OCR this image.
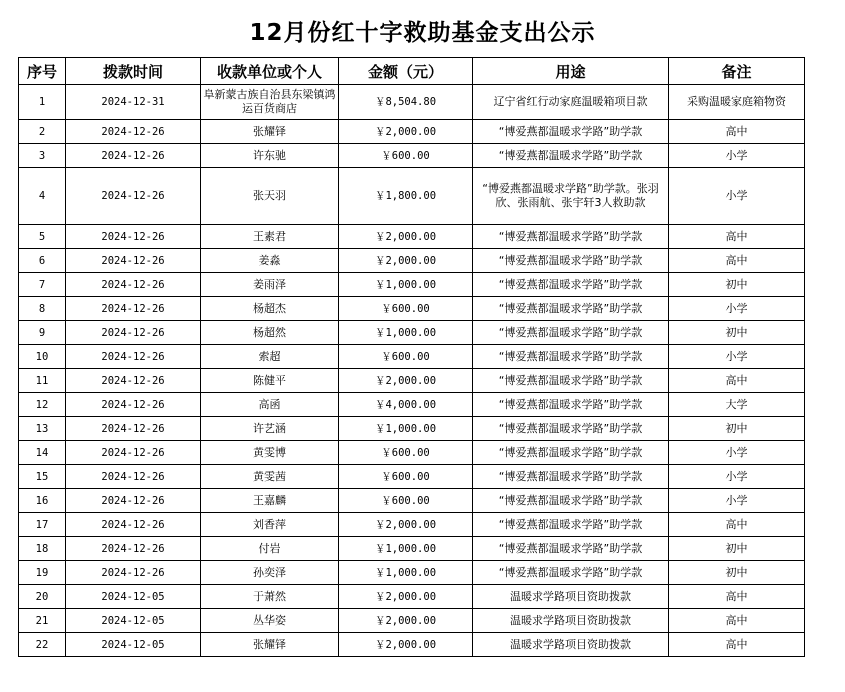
12月份红十字救助基金支出公示
序号	拨款时间	收款单位或个人	金额（元）	用途	备注
1	2024-12-31	阜新蒙古族自治县东梁镇鸿运百货商店	￥8,504.80	辽宁省红行动家庭温暖箱项目款	采购温暖家庭箱物资
2	2024-12-26	张耀铎	￥2,000.00	“博爱燕都温暖求学路”助学款	高中
3	2024-12-26	许东驰	￥600.00	“博爱燕都温暖求学路”助学款	小学
4	2024-12-26	张天羽	￥1,800.00	“博爱燕都温暖求学路”助学款。张羽欣、张雨航、张宇轩3人救助款	小学
5	2024-12-26	王素君	￥2,000.00	“博爱燕都温暖求学路”助学款	高中
6	2024-12-26	姜淼	￥2,000.00	“博爱燕都温暖求学路”助学款	高中
7	2024-12-26	姜雨泽	￥1,000.00	“博爱燕都温暖求学路”助学款	初中
8	2024-12-26	杨超杰	￥600.00	“博爱燕都温暖求学路”助学款	小学
9	2024-12-26	杨超然	￥1,000.00	“博爱燕都温暖求学路”助学款	初中
10	2024-12-26	索超	￥600.00	“博爱燕都温暖求学路”助学款	小学
11	2024-12-26	陈健平	￥2,000.00	“博爱燕都温暖求学路”助学款	高中
12	2024-12-26	高函	￥4,000.00	“博爱燕都温暖求学路”助学款	大学
13	2024-12-26	许艺涵	￥1,000.00	“博爱燕都温暖求学路”助学款	初中
14	2024-12-26	黄雯博	￥600.00	“博爱燕都温暖求学路”助学款	小学
15	2024-12-26	黄雯茜	￥600.00	“博爱燕都温暖求学路”助学款	小学
16	2024-12-26	王嘉麟	￥600.00	“博爱燕都温暖求学路”助学款	小学
17	2024-12-26	刘香萍	￥2,000.00	“博爱燕都温暖求学路”助学款	高中
18	2024-12-26	付岩	￥1,000.00	“博爱燕都温暖求学路”助学款	初中
19	2024-12-26	孙奕泽	￥1,000.00	“博爱燕都温暖求学路”助学款	初中
20	2024-12-05	于萧然	￥2,000.00	温暖求学路项目资助拨款	高中
21	2024-12-05	丛华姿	￥2,000.00	温暖求学路项目资助拨款	高中
22	2024-12-05	张耀铎	￥2,000.00	温暖求学路项目资助拨款	高中
